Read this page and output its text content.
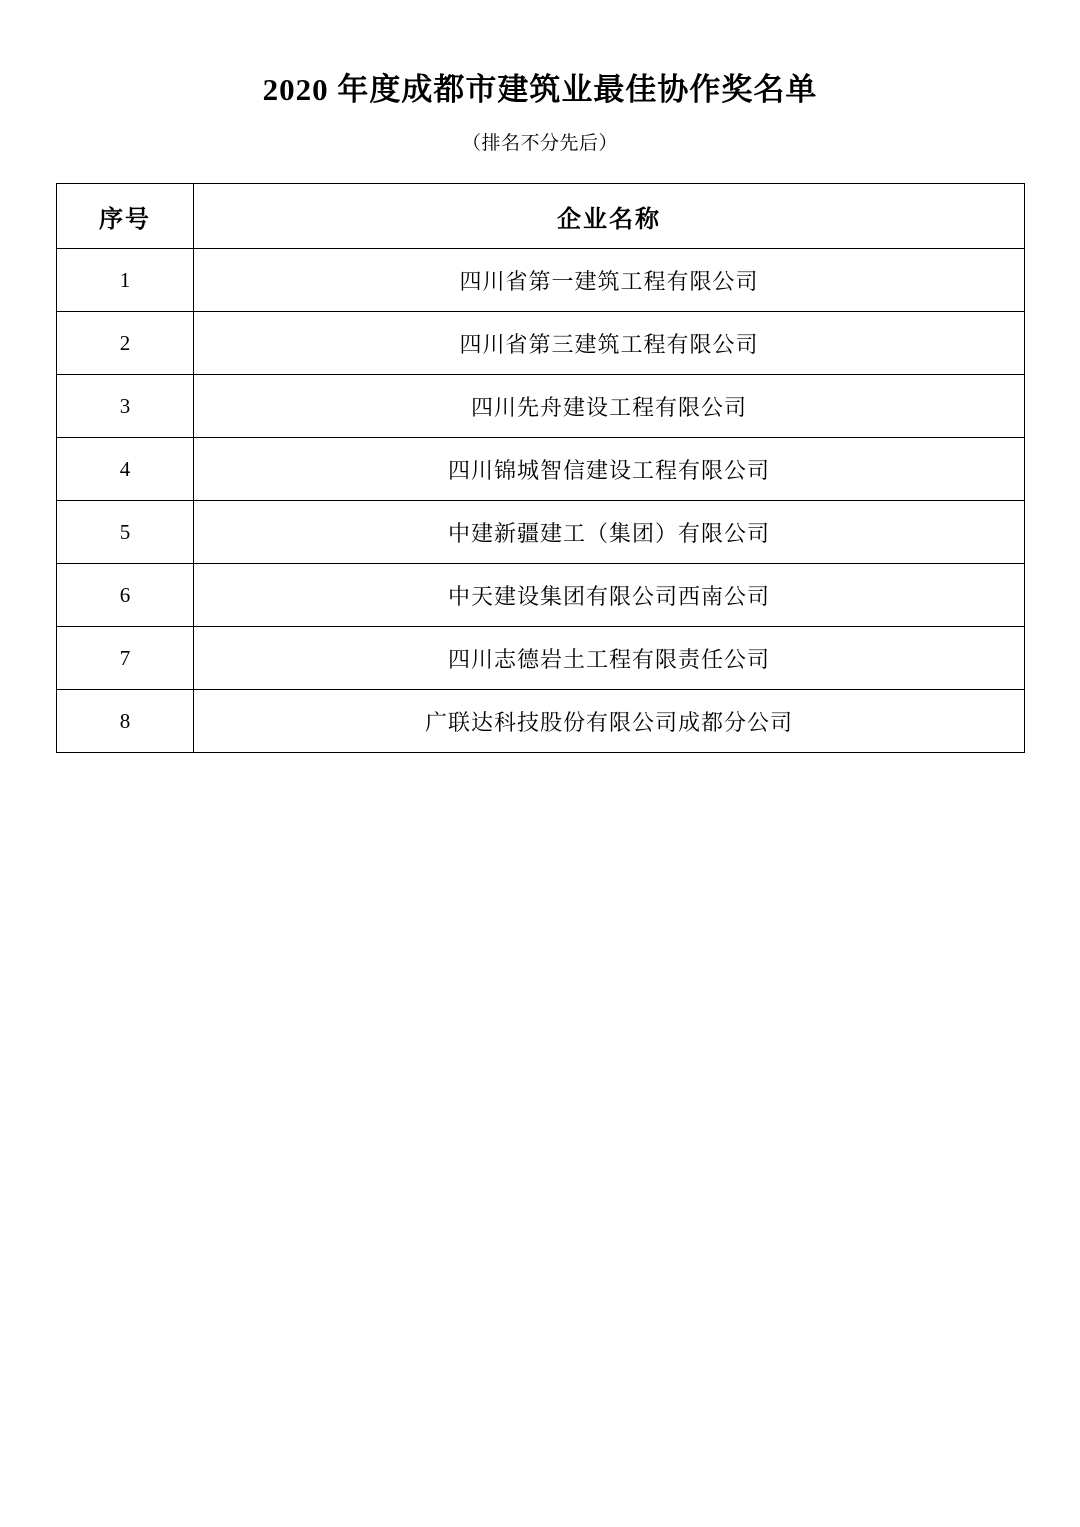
2020 年度成都市建筑业最佳协作奖名单

（排名不分先后）

序号	企业名称
1	四川省第一建筑工程有限公司
2	四川省第三建筑工程有限公司
3	四川先舟建设工程有限公司
4	四川锦城智信建设工程有限公司
5	中建新疆建工（集团）有限公司
6	中天建设集团有限公司西南公司
7	四川志德岩土工程有限责任公司
8	广联达科技股份有限公司成都分公司
